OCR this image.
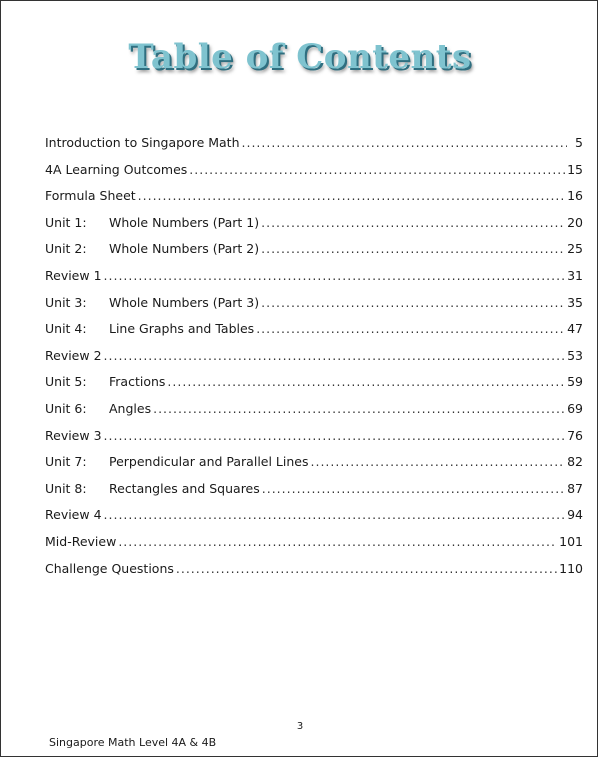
Table of Contents
Introduction to Singapore Math .....	5
4A Learning Outcomes .....	15
Formula Sheet .....	16
Unit 1:	Whole Numbers (Part 1) .....	20
Unit 2:	Whole Numbers (Part 2) .....	25
Review 1 .....	31
Unit 3:	Whole Numbers (Part 3) .....	35
Unit 4:	Line Graphs and Tables .....	47
Review 2 .....	53
Unit 5:	Fractions .....	59
Unit 6:	Angles .....	69
Review 3 .....	76
Unit 7:	Perpendicular and Parallel Lines .....	82
Unit 8:	Rectangles and Squares .....	87
Review 4 .....	94
Mid-Review .....	101
Challenge Questions .....	110
3
Singapore Math Level 4A & 4B
